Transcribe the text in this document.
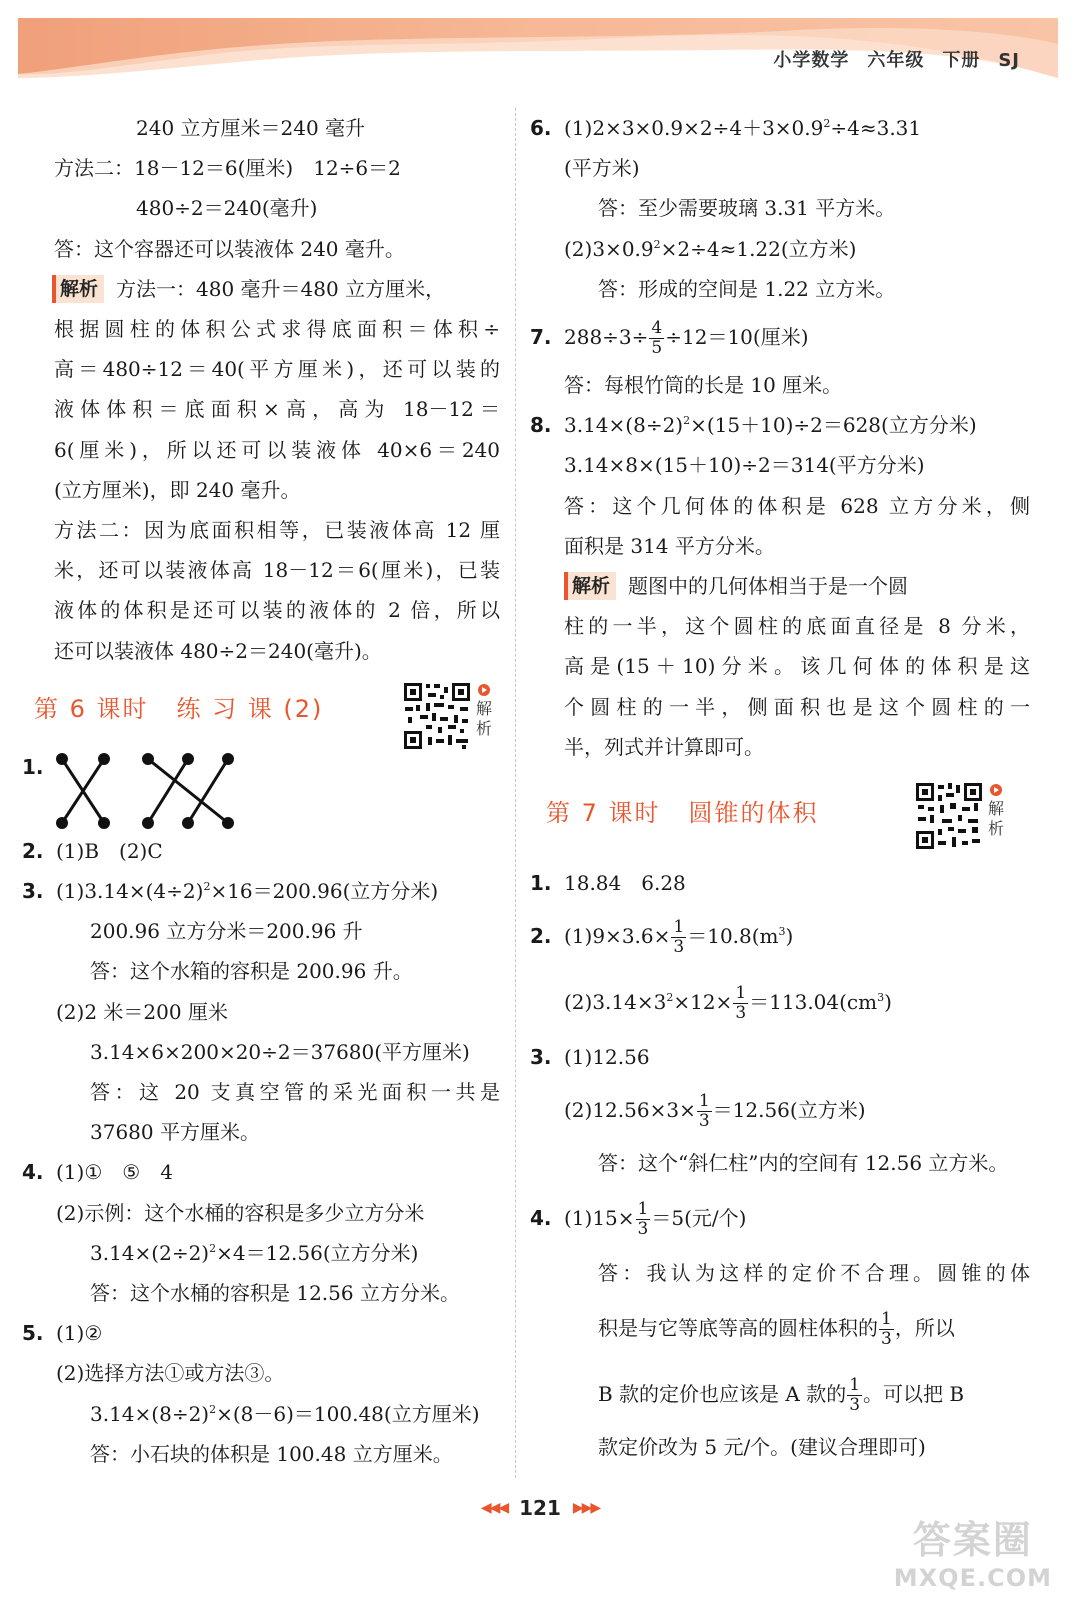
小学数学 六年级 下册 SJ
240 立方厘米＝240 毫升
方法二：18－12＝6(厘米)　12÷6＝2
480÷2＝240(毫升)
答：这个容器还可以装液体 240 毫升。
解析 方法一：480 毫升＝480 立方厘米，
根据圆柱的体积公式求得底面积＝体积÷
高＝480÷12＝40(平方厘米)，还可以装的
液体体积＝底面积×高，高为 18－12＝
6(厘米)，所以还可以装液体 40×6＝240
(立方厘米)，即 240 毫升。
方法二：因为底面积相等，已装液体高 12 厘
米，还可以装液体高 18－12＝6(厘米)，已装
液体的体积是还可以装的液体的 2 倍，所以
还可以装液体 480÷2＝240(毫升)。
第 6 课时 练 习 课 (2)	解析
1.
2. (1)B　(2)C
3. $(1)3.14\times(4\div 2)^2\times 16=200.96$(立方分米)
200.96 立方分米＝200.96 升
答：这个水箱的容积是 200.96 升。
(2)2 米＝200 厘米
3.14×6×200×20÷2＝37680(平方厘米)
答：这 20 支真空管的采光面积一共是
37680 平方厘米。
4. (1)①　⑤　4
(2)示例：这个水桶的容积是多少立方分米
$3.14\times(2\div 2)^2\times 4=12.56$(立方分米)
答：这个水桶的容积是 12.56 立方分米。
5. (1)②
(2)选择方法①或方法③。
$3.14\times(8\div 2)^2\times(8-6)=100.48$(立方厘米)
答：小石块的体积是 100.48 立方厘米。
6. $(1)2\times 3\times 0.9\times 2\div 4+3\times 0.9^2\div 4\approx 3.31$
(平方米)
答：至少需要玻璃 3.31 平方米。
$(2)3\times 0.9^2\times 2\div 4\approx 1.22$(立方米)
答：形成的空间是 1.22 立方米。
7. $288\div 3\div \frac{4}{5} \div 12=10$(厘米)
答：每根竹筒的长是 10 厘米。
8. $3.14\times(8\div 2)^2\times(15+10)\div 2=628$(立方分米)
3.14×8×(15＋10)÷2＝314(平方分米)
答：这个几何体的体积是 628 立方分米，侧
面积是 314 平方分米。
解析 题图中的几何体相当于是一个圆
柱的一半，这个圆柱的底面直径是 8 分米，
高是(15＋10)分米。该几何体的体积是这
个圆柱的一半，侧面积也是这个圆柱的一
半，列式并计算即可。
第 7 课时 圆锥的体积	解析
1. 18.84　6.28
2. $(1)9\times 3.6\times \frac{1}{3} =10.8(m^3)$
$(2)3.14\times 3^2\times 12\times \frac{1}{3} =113.04(cm^3)$
3. (1)12.56
$(2)12.56\times 3\times \frac{1}{3} =12.56$(立方米)
答：这个“斜仁柱”内的空间有 12.56 立方米。
4. $(1)15\times \frac{1}{3} =5$(元/个)
答：我认为这样的定价不合理。圆锥的体
积是与它等底等高的圆柱体积的 $\frac{1}{3}$ ，所以
B 款的定价也应该是 A 款的 $\frac{1}{3}$ 。可以把 B
款定价改为 5 元/个。(建议合理即可)
◀◀◀ 121 ▶▶▶
答案圈
MXQE.COM
